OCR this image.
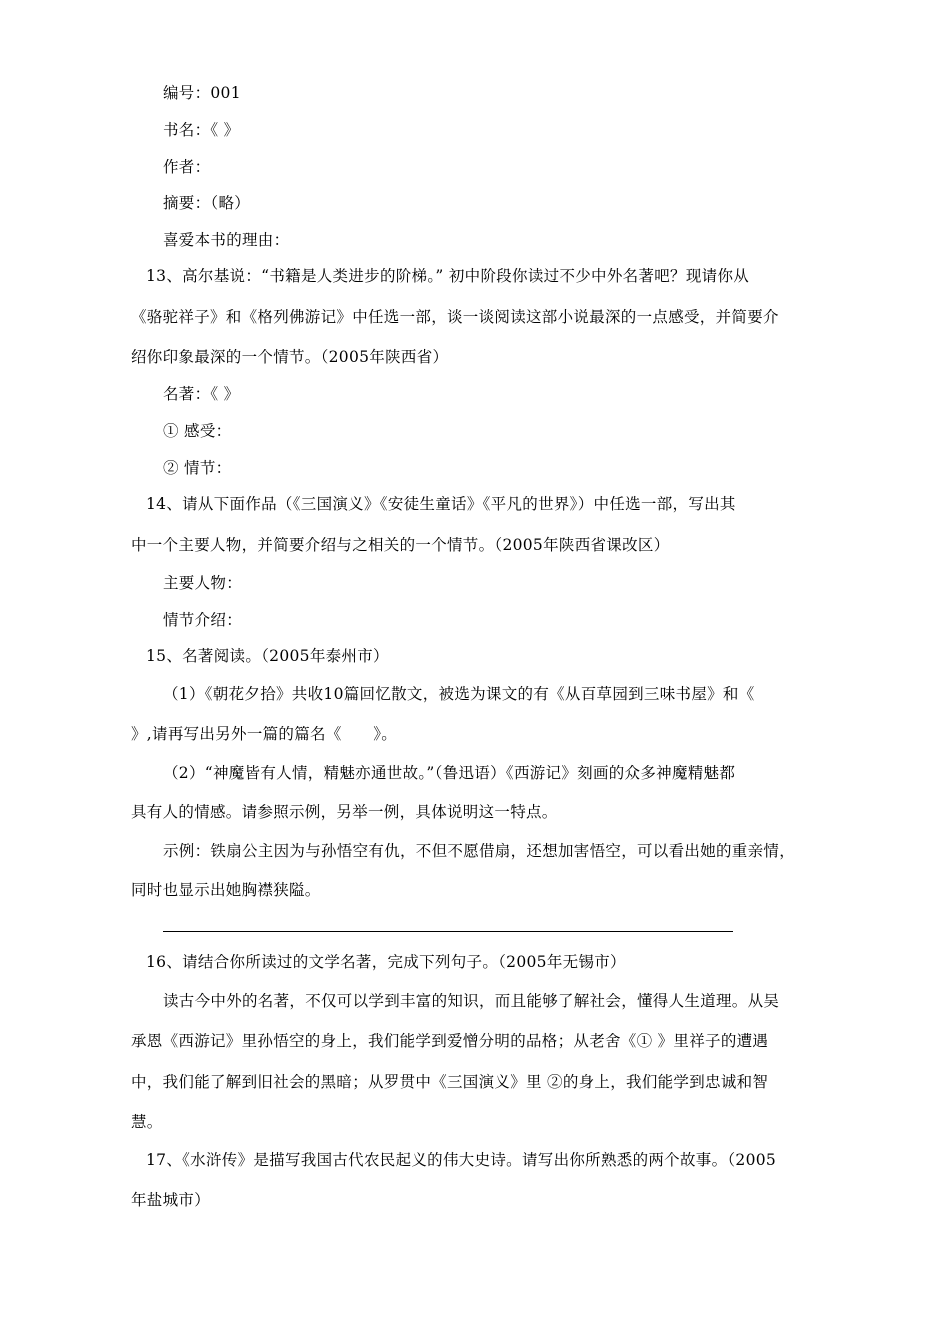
编号：001
书名：《 》
作者：
摘要：（略）
喜爱本书的理由：
13、高尔基说：“书籍是人类进步的阶梯。” 初中阶段你读过不少中外名著吧？现请你从
《骆驼祥子》和《格列佛游记》中任选一部，谈一谈阅读这部小说最深的一点感受，并简要介
绍你印象最深的一个情节。（2005年陕西省）
名著：《 》
① 感受：
② 情节：
14、请从下面作品（《三国演义》《安徒生童话》《平凡的世界》）中任选一部，写出其
中一个主要人物，并简要介绍与之相关的一个情节。（2005年陕西省课改区）
主要人物：
情节介绍：
15、名著阅读。（2005年泰州市）
（1）《朝花夕拾》共收10篇回忆散文，被选为课文的有《从百草园到三味书屋》和《
》,请再写出另外一篇的篇名《　　》。
（2）“神魔皆有人情，精魅亦通世故。”（鲁迅语）《西游记》刻画的众多神魔精魅都
具有人的情感。请参照示例，另举一例，具体说明这一特点。
示例：铁扇公主因为与孙悟空有仇，不但不愿借扇，还想加害悟空，可以看出她的重亲情，
同时也显示出她胸襟狭隘。
16、请结合你所读过的文学名著，完成下列句子。（2005年无锡市）
读古今中外的名著，不仅可以学到丰富的知识，而且能够了解社会，懂得人生道理。从吴
承恩《西游记》里孙悟空的身上，我们能学到爱憎分明的品格；从老舍《① 》里祥子的遭遇
中，我们能了解到旧社会的黑暗；从罗贯中《三国演义》里 ②的身上，我们能学到忠诚和智
慧。
17、《水浒传》是描写我国古代农民起义的伟大史诗。请写出你所熟悉的两个故事。（2005
年盐城市）
